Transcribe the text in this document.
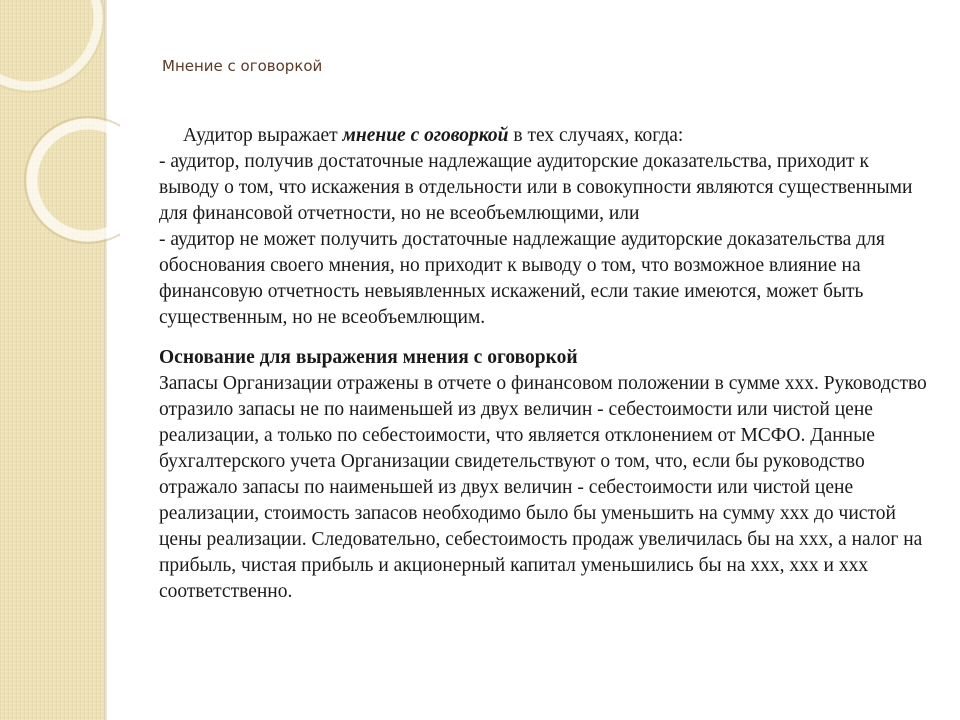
Мнение с оговоркой

Аудитор выражает мнение с оговоркой в тех случаях, когда:

- аудитор, получив достаточные надлежащие аудиторские доказательства, приходит к выводу о том, что искажения в отдельности или в совокупности являются существенными для финансовой отчетности, но не всеобъемлющими, или

- аудитор не может получить достаточные надлежащие аудиторские доказательства для обоснования своего мнения, но приходит к выводу о том, что возможное влияние на финансовую отчетность невыявленных искажений, если такие имеются, может быть существенным, но не всеобъемлющим.

Основание для выражения мнения с оговоркой

Запасы Организации отражены в отчете о финансовом положении в сумме xxx. Руководство отразило запасы не по наименьшей из двух величин - себестоимости или чистой цене реализации, а только по себестоимости, что является отклонением от МСФО. Данные бухгалтерского учета Организации свидетельствуют о том, что, если бы руководство отражало запасы по наименьшей из двух величин - себестоимости или чистой цене реализации, стоимость запасов необходимо было бы уменьшить на сумму xxx до чистой цены реализации. Следовательно, себестоимость продаж увеличилась бы на xxx, а налог на прибыль, чистая прибыль и акционерный капитал уменьшились бы на xxx, xxx и xxx соответственно.
